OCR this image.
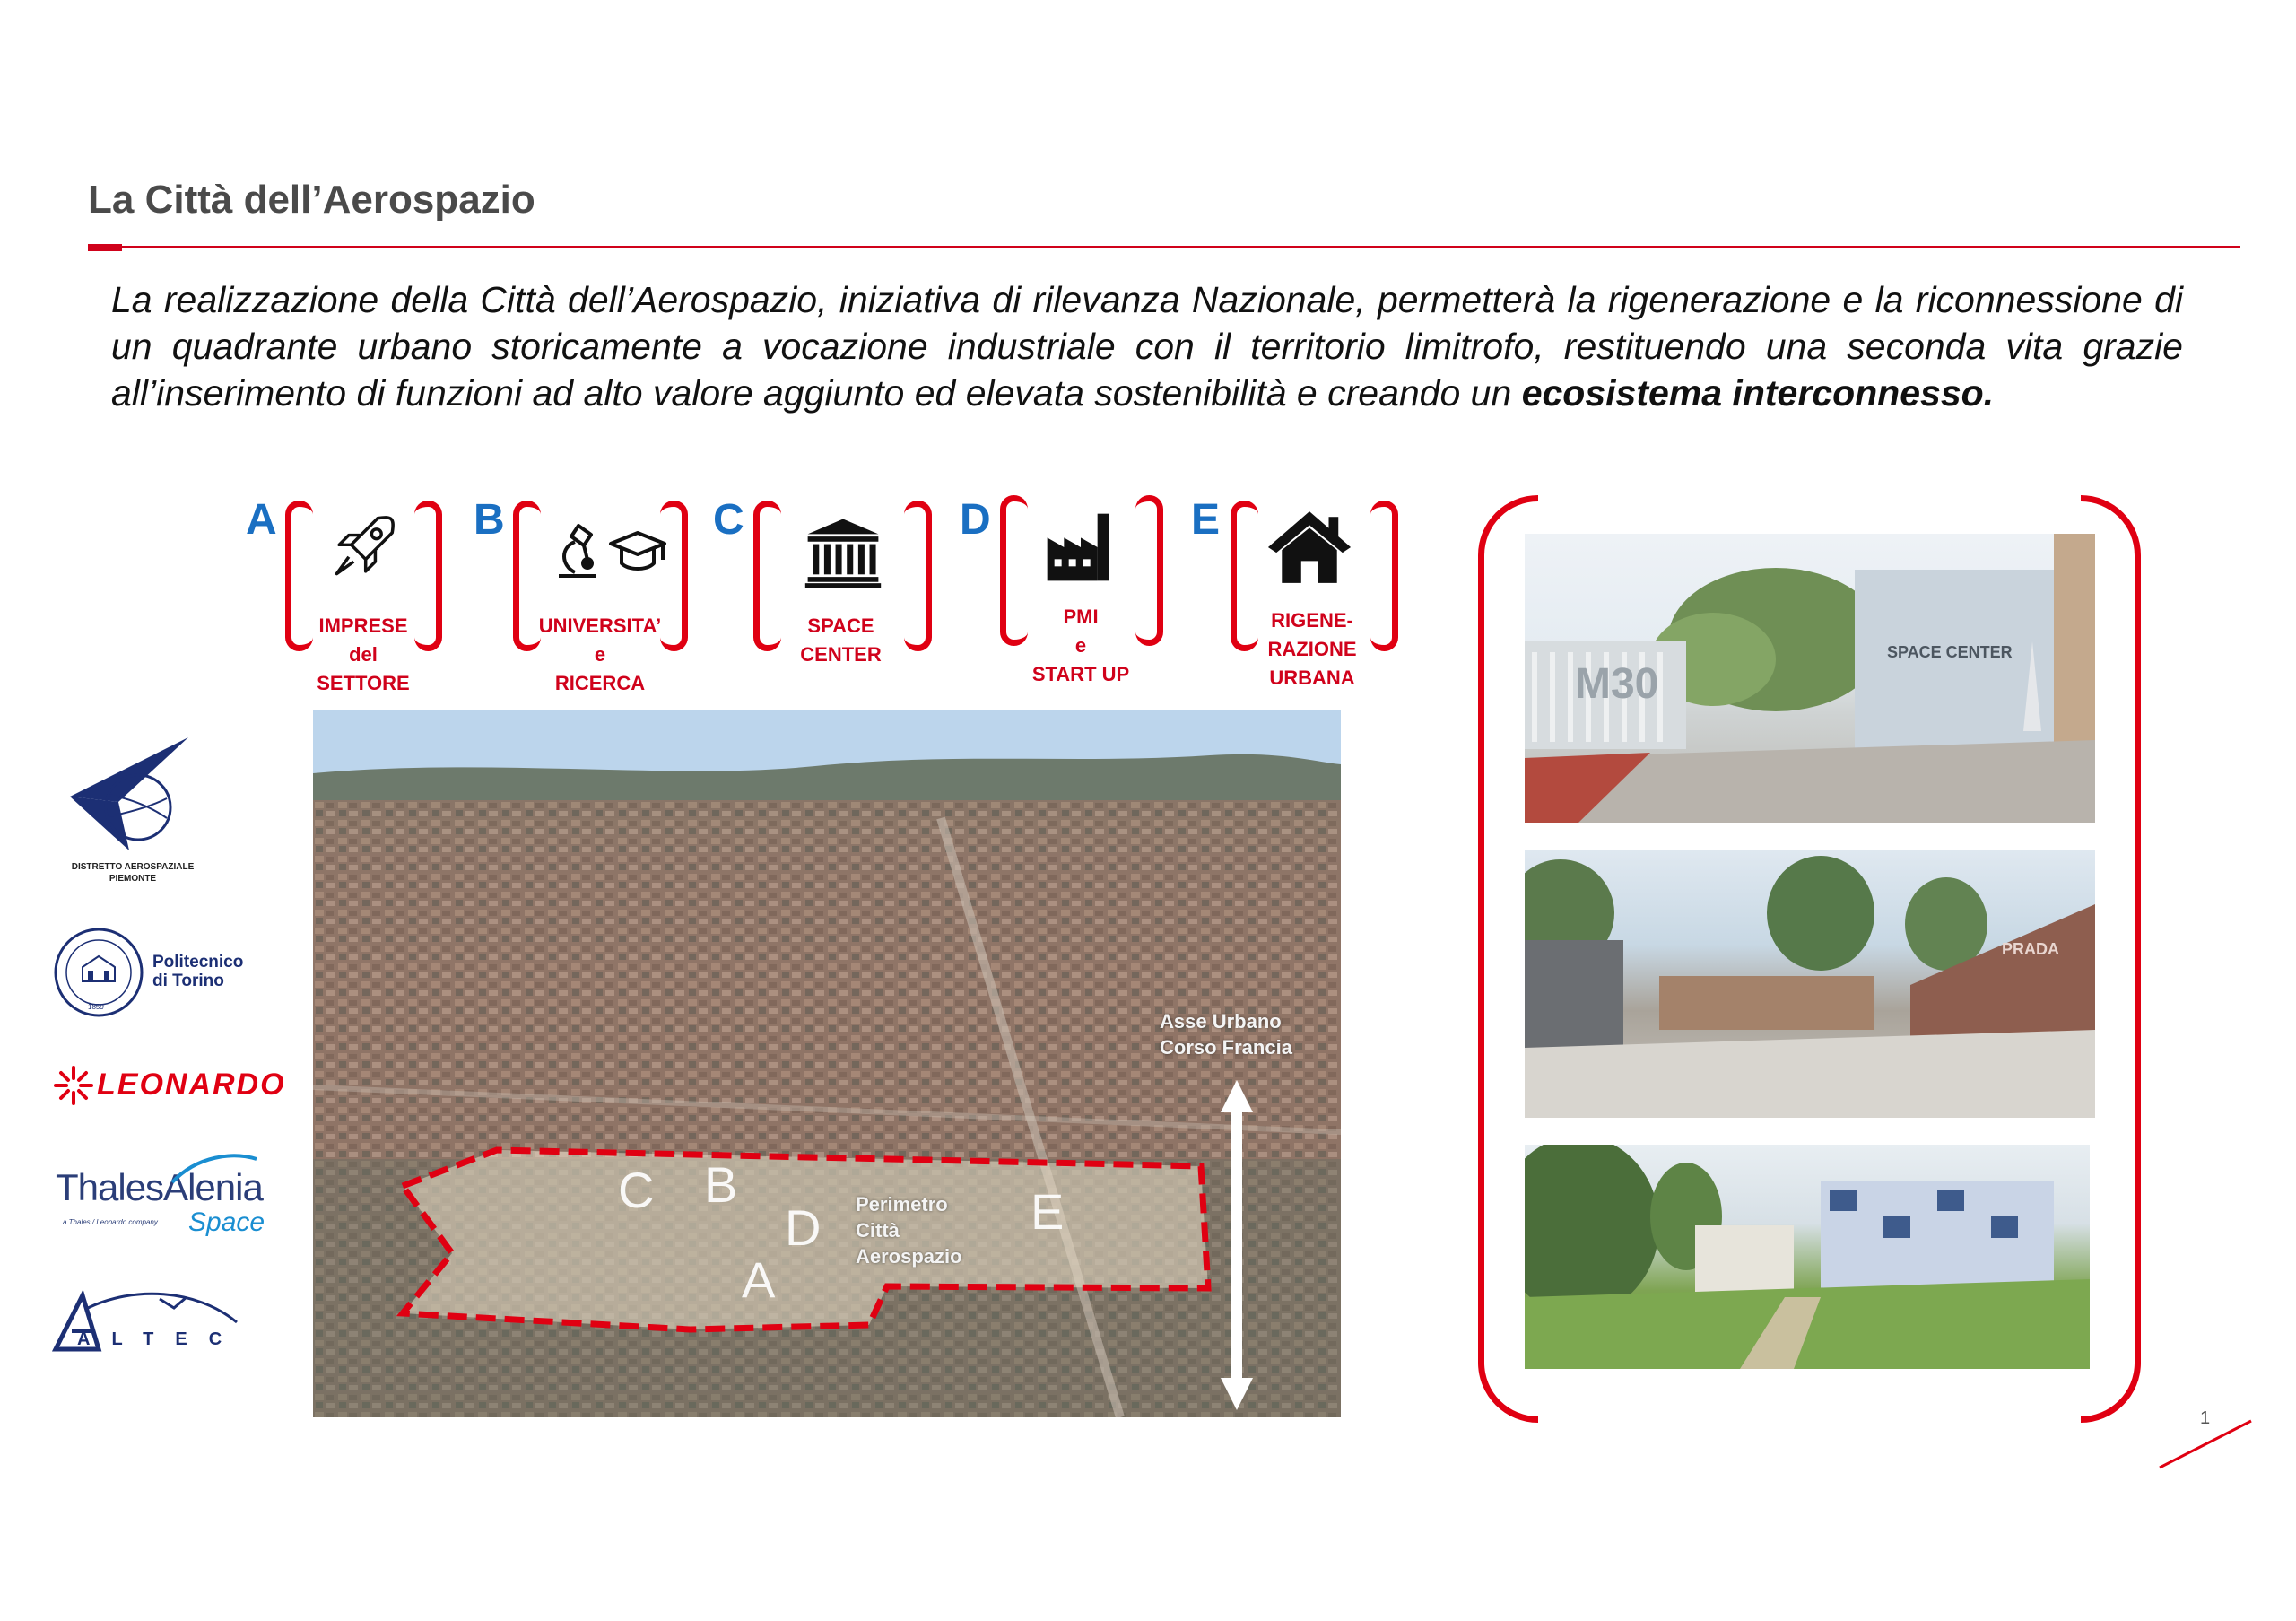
La Città dell’Aerospazio
La realizzazione della Città dell’Aerospazio, iniziativa di rilevanza Nazionale, permetterà la rigenerazione e la riconnessione di un quadrante urbano storicamente a vocazione industriale con il territorio limitrofo, restituendo una seconda vita grazie all’inserimento di funzioni ad alto valore aggiunto ed elevata sostenibilità e creando un ecosistema interconnesso.
A
IMPRESE
del
SETTORE
B
UNIVERSITA’
e
RICERCA
C
SPACE
CENTER
D
PMI
e
START UP
E
RIGENE-
RAZIONE
URBANA
Asse Urbano
Corso Francia
Perimetro
Città
Aerospazio
C B
D
A
E
M30
SPACE CENTER
PRADA
DISTRETTO AEROSPAZIALE
PIEMONTE
1859
Politecnico
di Torino
LEONARDO
ThalesAlenia
Space
a Thales / Leonardo company
ALTEC
1
